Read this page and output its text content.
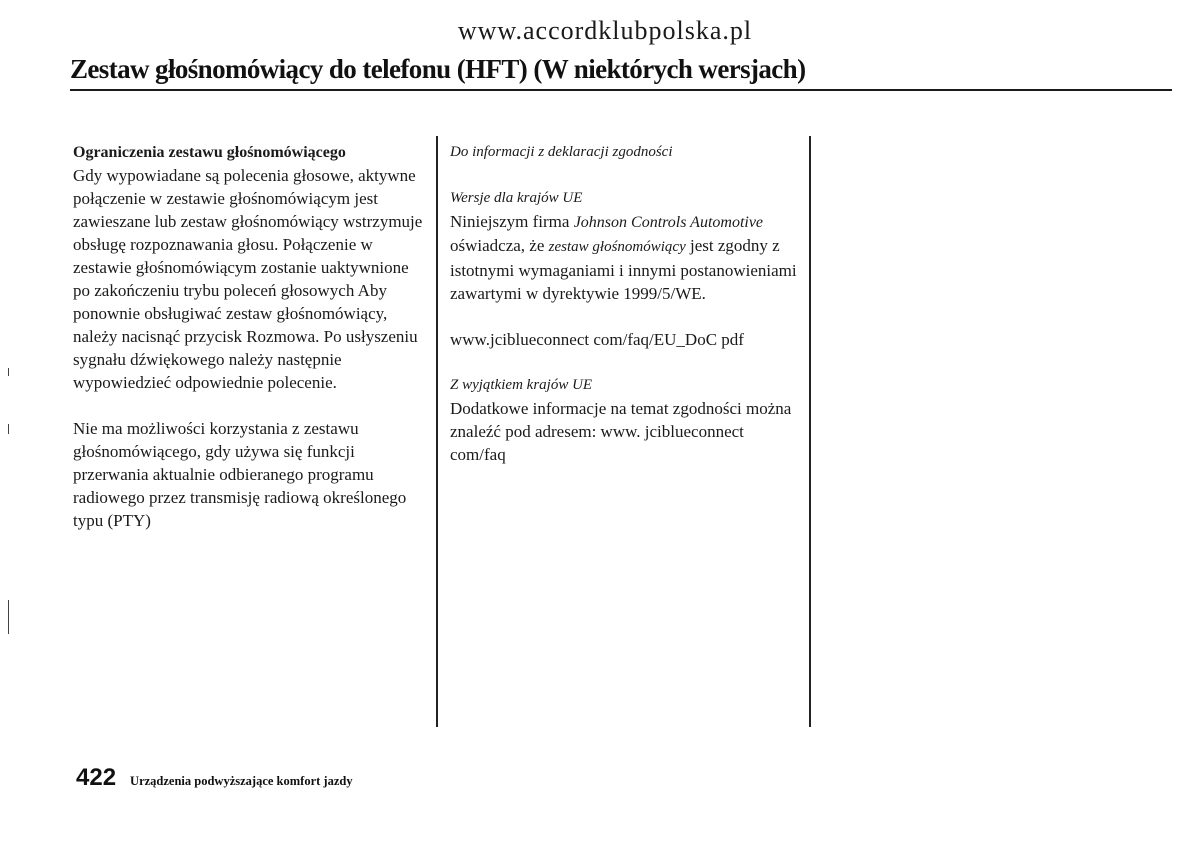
www.accordklubpolska.pl
Zestaw głośnomówiący do telefonu (HFT) (W niektórych wersjach)

Ograniczenia zestawu głośnomówiącego

Gdy wypowiadane są polecenia głosowe, aktywne połączenie w zestawie głośnomówiącym jest zawieszane lub zestaw głośnomówiący wstrzymuje obsługę rozpoznawania głosu. Połączenie w zestawie głośnomówiącym zostanie uaktywnione po zakończeniu trybu poleceń głosowych Aby ponownie obsługiwać zestaw głośnomówiący, należy nacisnąć przycisk Rozmowa. Po usłyszeniu sygnału dźwiękowego należy następnie wypowiedzieć odpowiednie polecenie.

Nie ma możliwości korzystania z zestawu głośnomówiącego, gdy używa się funkcji przerwania aktualnie odbieranego programu radiowego przez transmisję radiową określonego typu (PTY)

Do informacji z deklaracji zgodności

Wersje dla krajów UE

Niniejszym firma Johnson Controls Automotive oświadcza, że zestaw głośnomówiący jest zgodny z istotnymi wymaganiami i innymi postanowieniami zawartymi w dyrektywie 1999/5/WE.

www.jciblueconnect com/faq/EU_DoC pdf

Z wyjątkiem krajów UE

Dodatkowe informacje na temat zgodności można znaleźć pod adresem: www. jciblueconnect com/faq

422 Urządzenia podwyższające komfort jazdy
